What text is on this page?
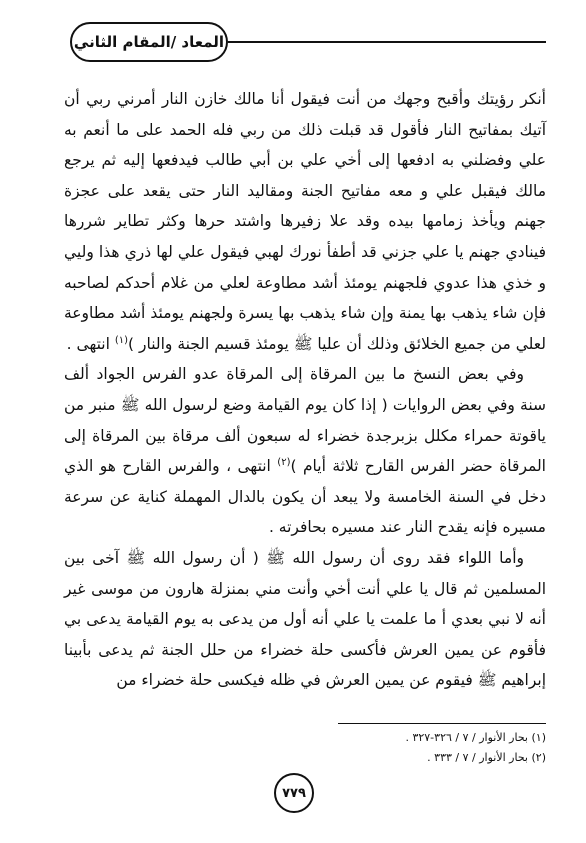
المعاد /المقام الثاني

أنكر رؤيتك وأقبح وجهك من أنت فيقول أنا مالك خازن النار أمرني ربي أن آتيك بمفاتيح النار فأقول قد قبلت ذلك من ربي فله الحمد على ما أنعم به علي وفضلني به ادفعها إلى أخي علي بن أبي طالب فيدفعها إليه ثم يرجع مالك فيقبل علي و معه مفاتيح الجنة ومقاليد النار حتى يقعد على عجزة جهنم ويأخذ زمامها بيده وقد علا زفيرها واشتد حرها وكثر تطاير شررها فينادي جهنم يا علي جزني قد أطفأ نورك لهبي فيقول علي لها ذري هذا وليي و خذي هذا عدوي فلجهنم يومئذ أشد مطاوعة لعلي من غلام أحدكم لصاحبه فإن شاء يذهب بها يمنة وإن شاء يذهب بها يسرة ولجهنم يومئذ أشد مطاوعة لعلي من جميع الخلائق وذلك أن عليا ﷺ يومئذ قسيم الجنة والنار )$^{(١)}$ انتهى .

وفي بعض النسخ ما بين المرقاة إلى المرقاة عدو الفرس الجواد ألف سنة وفي بعض الروايات ( إذا كان يوم القيامة وضع لرسول الله ﷺ منبر من ياقوتة حمراء مكلل بزبرجدة خضراء له سبعون ألف مرقاة بين المرقاة إلى المرقاة حضر الفرس القارح ثلاثة أيام )$^{(٢)}$ انتهى ، والفرس القارح هو الذي دخل في السنة الخامسة ولا يبعد أن يكون بالدال المهملة كناية عن سرعة مسيره فإنه يقدح النار عند مسيره بحافرته .

وأما اللواء فقد روى أن رسول الله ﷺ ( أن رسول الله ﷺ آخى بين المسلمين ثم قال يا علي أنت أخي وأنت مني بمنزلة هارون من موسى غير أنه لا نبي بعدي أ ما علمت يا علي أنه أول من يدعى به يوم القيامة يدعى بي فأقوم عن يمين العرش فأكسى حلة خضراء من حلل الجنة ثم يدعى بأبينا إبراهيم ﷺ فيقوم عن يمين العرش في ظله فيكسى حلة خضراء من

(١) بحار الأنوار / ٧ / ٣٢٦-٣٢٧ .
(٢) بحار الأنوار / ٧ / ٣٣٣ .
٧٧٩
